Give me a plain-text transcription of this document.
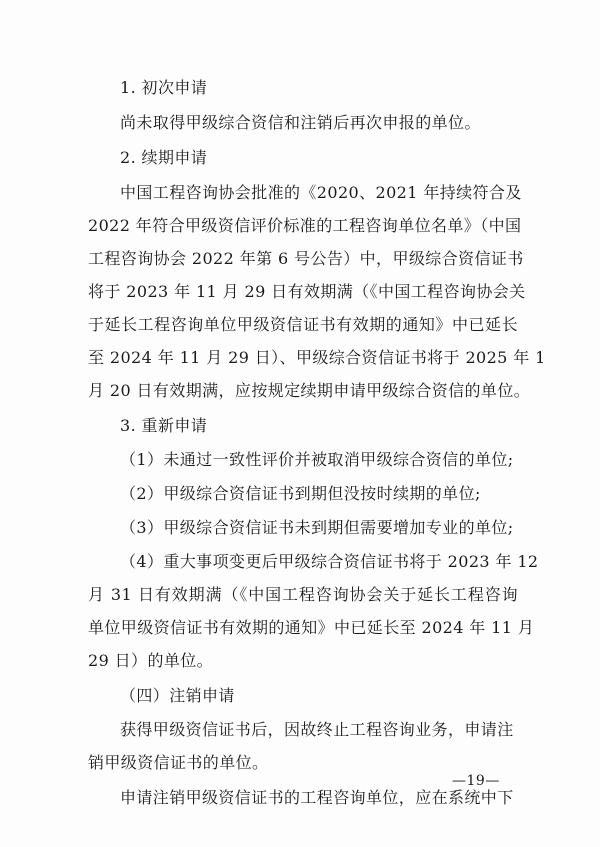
1. 初次申请
尚未取得甲级综合资信和注销后再次申报的单位。
2. 续期申请
中国工程咨询协会批准的《2020、2021 年持续符合及
2022 年符合甲级资信评价标准的工程咨询单位名单》（中国
工程咨询协会 2022 年第 6 号公告）中，甲级综合资信证书
将于 2023 年 11 月 29 日有效期满（《中国工程咨询协会关
于延长工程咨询单位甲级资信证书有效期的通知》中已延长
至 2024 年 11 月 29 日）、甲级综合资信证书将于 2025 年 1
月 20 日有效期满，应按规定续期申请甲级综合资信的单位。
3. 重新申请
（1）未通过一致性评价并被取消甲级综合资信的单位;
（2）甲级综合资信证书到期但没按时续期的单位;
（3）甲级综合资信证书未到期但需要增加专业的单位;
（4）重大事项变更后甲级综合资信证书将于 2023 年 12
月 31 日有效期满（《中国工程咨询协会关于延长工程咨询
单位甲级资信证书有效期的通知》中已延长至 2024 年 11 月
29 日）的单位。
（四）注销申请
获得甲级资信证书后，因故终止工程咨询业务，申请注
销甲级资信证书的单位。
申请注销甲级资信证书的工程咨询单位，应在系统中下
—19—
